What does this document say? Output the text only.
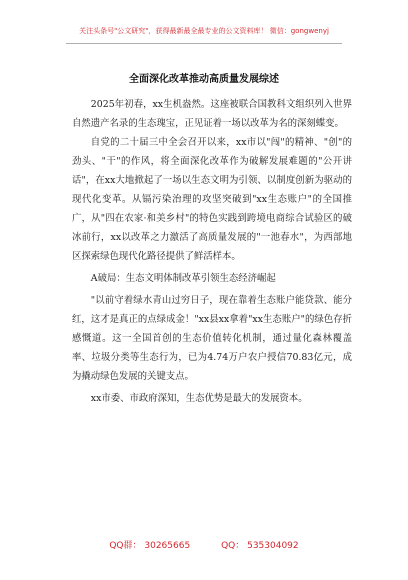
关注头条号"公文研究"，获得最新最全最专业的公文资料库！ 微信：gongwenyj
全面深化改革推动高质量发展综述

2025年初春，xx生机盎然。这座被联合国教科文组织列入世界自然遗产名录的生态瑰宝，正见证着一场以改革为名的深刻蝶变。

自党的二十届三中全会召开以来，xx市以"闯"的精神、"创"的劲头、"干"的作风，将全面深化改革作为破解发展难题的"公开讲话"，在xx大地掀起了一场以生态文明为引领、以制度创新为驱动的现代化变革。从镉污染治理的攻坚突破到"xx生态账户"的全国推广，从"四在农家·和美乡村"的特色实践到跨境电商综合试验区的破冰前行，xx以改革之力激活了高质量发展的"一池春水"，为西部地区探索绿色现代化路径提供了鲜活样本。

A破局：生态文明体制改革引领生态经济崛起

"以前守着绿水青山过穷日子，现在靠着生态账户能贷款、能分红，这才是真正的点绿成金！"xx县xx拿着"xx生态账户"的绿色存折感慨道。这一全国首创的生态价值转化机制，通过量化森林覆盖率、垃圾分类等生态行为，已为4.74万户农户授信70.83亿元，成为撬动绿色发展的关键支点。

xx市委、市政府深知，生态优势是最大的发展资本。

QQ群： 30265665	QQ： 535304092
